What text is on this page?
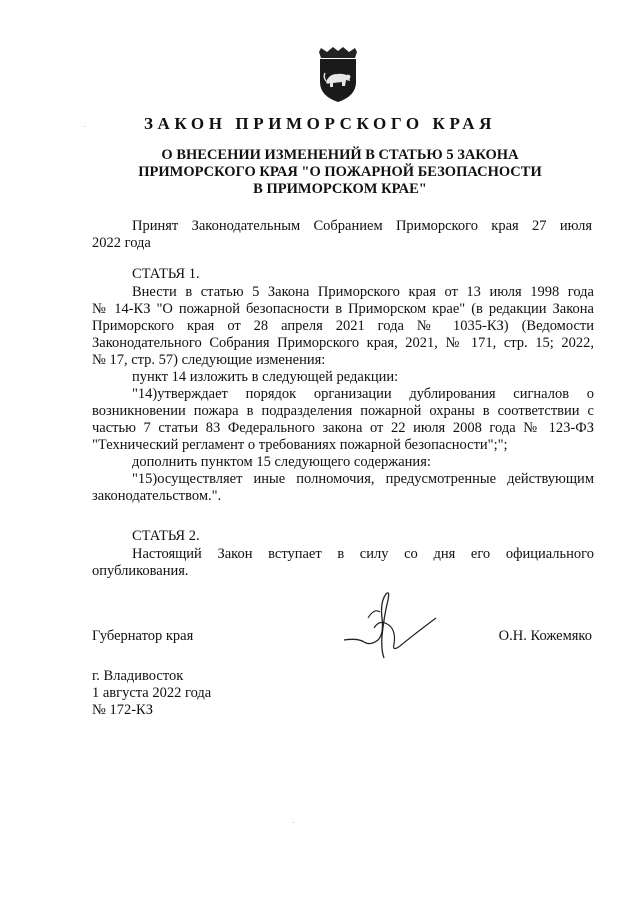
ЗАКОН ПРИМОРСКОГО КРАЯ
О ВНЕСЕНИИ ИЗМЕНЕНИЙ В СТАТЬЮ 5 ЗАКОНА
ПРИМОРСКОГО КРАЯ "О ПОЖАРНОЙ БЕЗОПАСНОСТИ
В ПРИМОРСКОМ КРАЕ"
Принят Законодательным Собранием Приморского края 27 июля
2022 года
СТАТЬЯ 1.
Внести в статью 5 Закона Приморского края от 13 июля 1998 года
№ 14-КЗ "О пожарной безопасности в Приморском крае" (в редакции Закона
Приморского края от 28 апреля 2021 года № 1035-КЗ) (Ведомости
Законодательного Собрания Приморского края, 2021, № 171, стр. 15; 2022,
№ 17, стр. 57) следующие изменения:
пункт 14 изложить в следующей редакции:
"14)утверждает порядок организации дублирования сигналов о
возникновении пожара в подразделения пожарной охраны в соответствии с
частью 7 статьи 83 Федерального закона от 22 июля 2008 года № 123-ФЗ
"Технический регламент о требованиях пожарной безопасности";";
дополнить пунктом 15 следующего содержания:
"15)осуществляет иные полномочия, предусмотренные действующим
законодательством.".
СТАТЬЯ 2.
Настоящий Закон вступает в силу со дня его официального
опубликования.
Губернатор края	О.Н. Кожемяко
г. Владивосток
1 августа 2022 года
№ 172-КЗ
